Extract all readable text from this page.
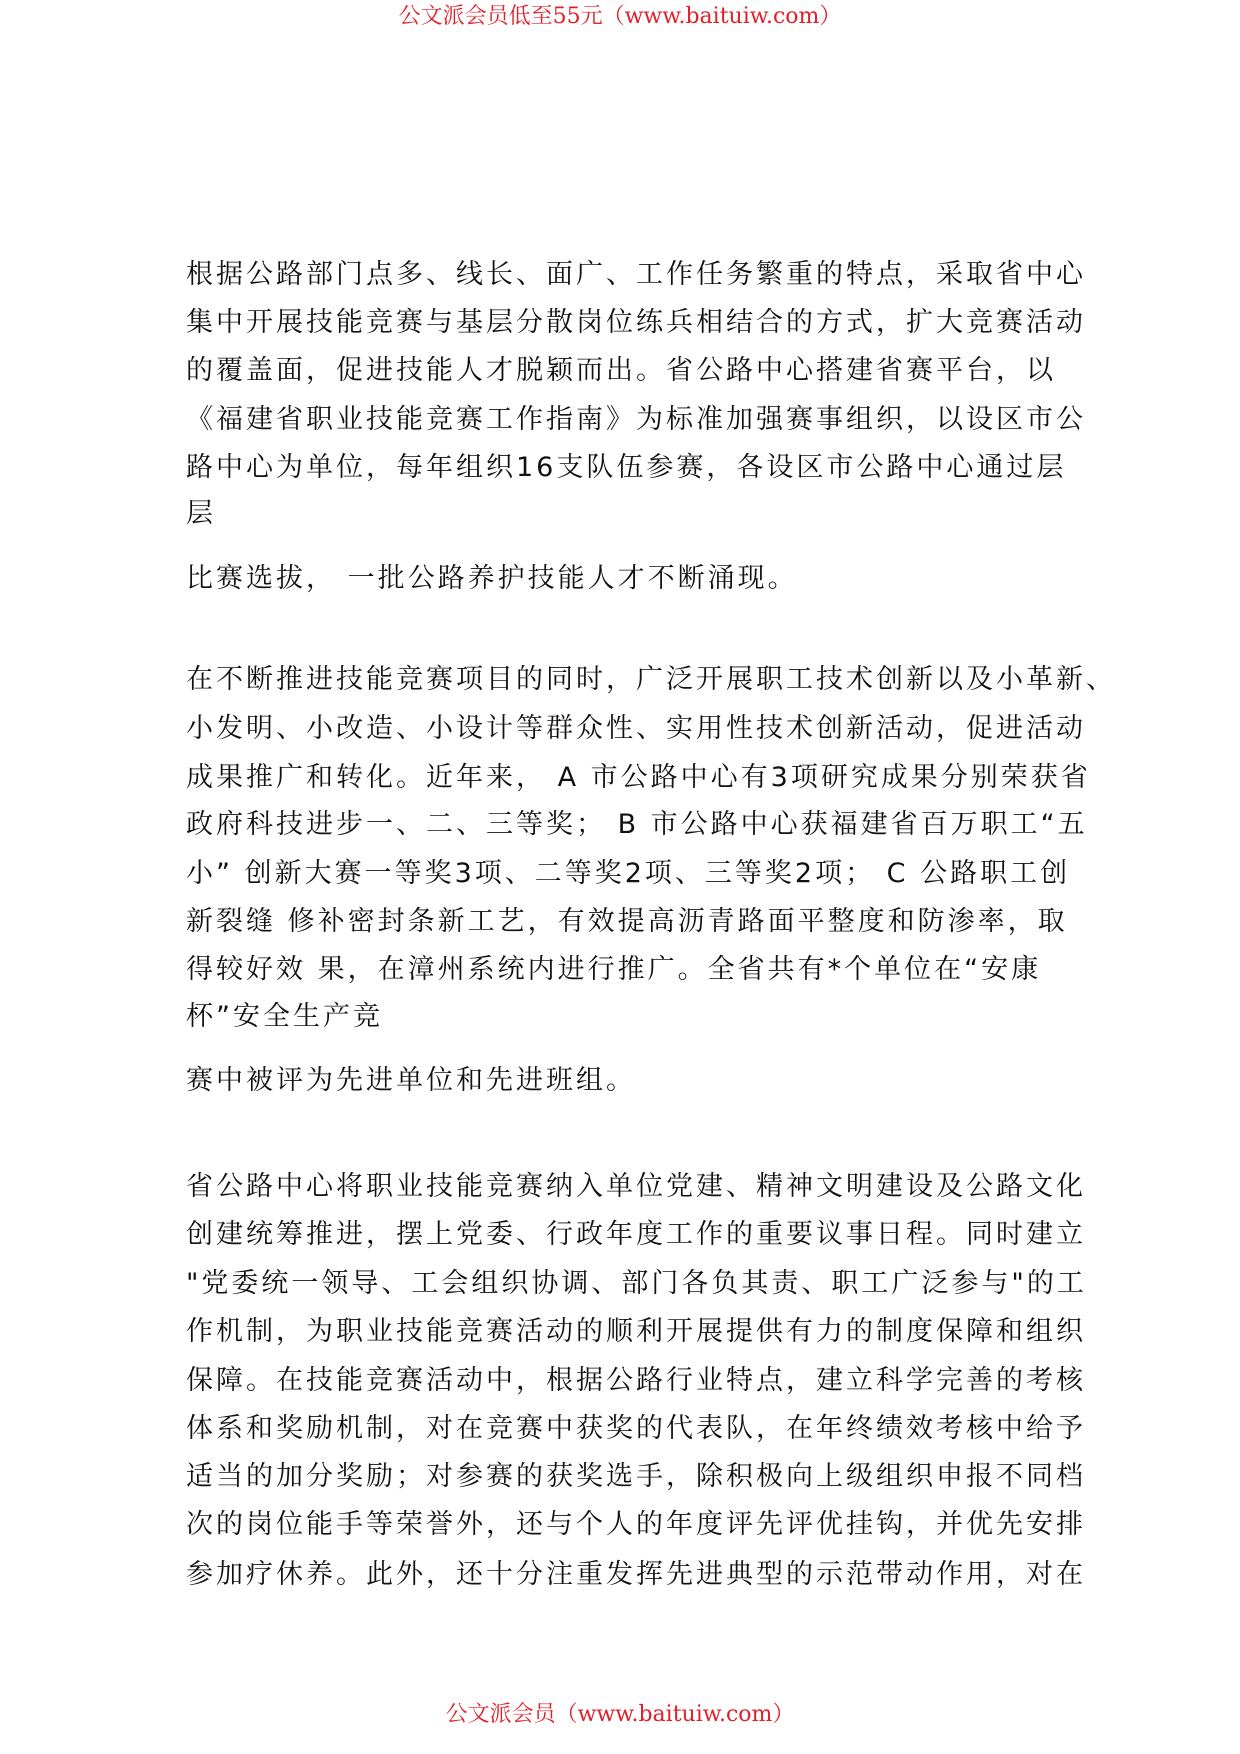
公文派会员低至55元（www.baituiw.com）
根据公路部门点多、线长、面广、工作任务繁重的特点，采取省中心
集中开展技能竞赛与基层分散岗位练兵相结合的方式，扩大竞赛活动
的覆盖面，促进技能人才脱颖而出。省公路中心搭建省赛平台，以
《福建省职业技能竞赛工作指南》为标准加强赛事组织，以设区市公
路中心为单位，每年组织16支队伍参赛，各设区市公路中心通过层
层
比赛选拔， 一批公路养护技能人才不断涌现。
在不断推进技能竞赛项目的同时，广泛开展职工技术创新以及小革新、
小发明、小改造、小设计等群众性、实用性技术创新活动，促进活动
成果推广和转化。近年来， A 市公路中心有3项研究成果分别荣获省
政府科技进步一、二、三等奖； B 市公路中心获福建省百万职工“五
小” 创新大赛一等奖3项、二等奖2项、三等奖2项； C 公路职工创
新裂缝 修补密封条新工艺，有效提高沥青路面平整度和防渗率，取
得较好效 果，在漳州系统内进行推广。全省共有*个单位在“安康
杯”安全生产竞
赛中被评为先进单位和先进班组。
省公路中心将职业技能竞赛纳入单位党建、精神文明建设及公路文化
创建统筹推进，摆上党委、行政年度工作的重要议事日程。同时建立
"党委统一领导、工会组织协调、部门各负其责、职工广泛参与"的工
作机制，为职业技能竞赛活动的顺利开展提供有力的制度保障和组织
保障。在技能竞赛活动中，根据公路行业特点，建立科学完善的考核
体系和奖励机制，对在竞赛中获奖的代表队，在年终绩效考核中给予
适当的加分奖励；对参赛的获奖选手，除积极向上级组织申报不同档
次的岗位能手等荣誉外，还与个人的年度评先评优挂钩，并优先安排
参加疗休养。此外，还十分注重发挥先进典型的示范带动作用，对在
公文派会员（www.baituiw.com）
